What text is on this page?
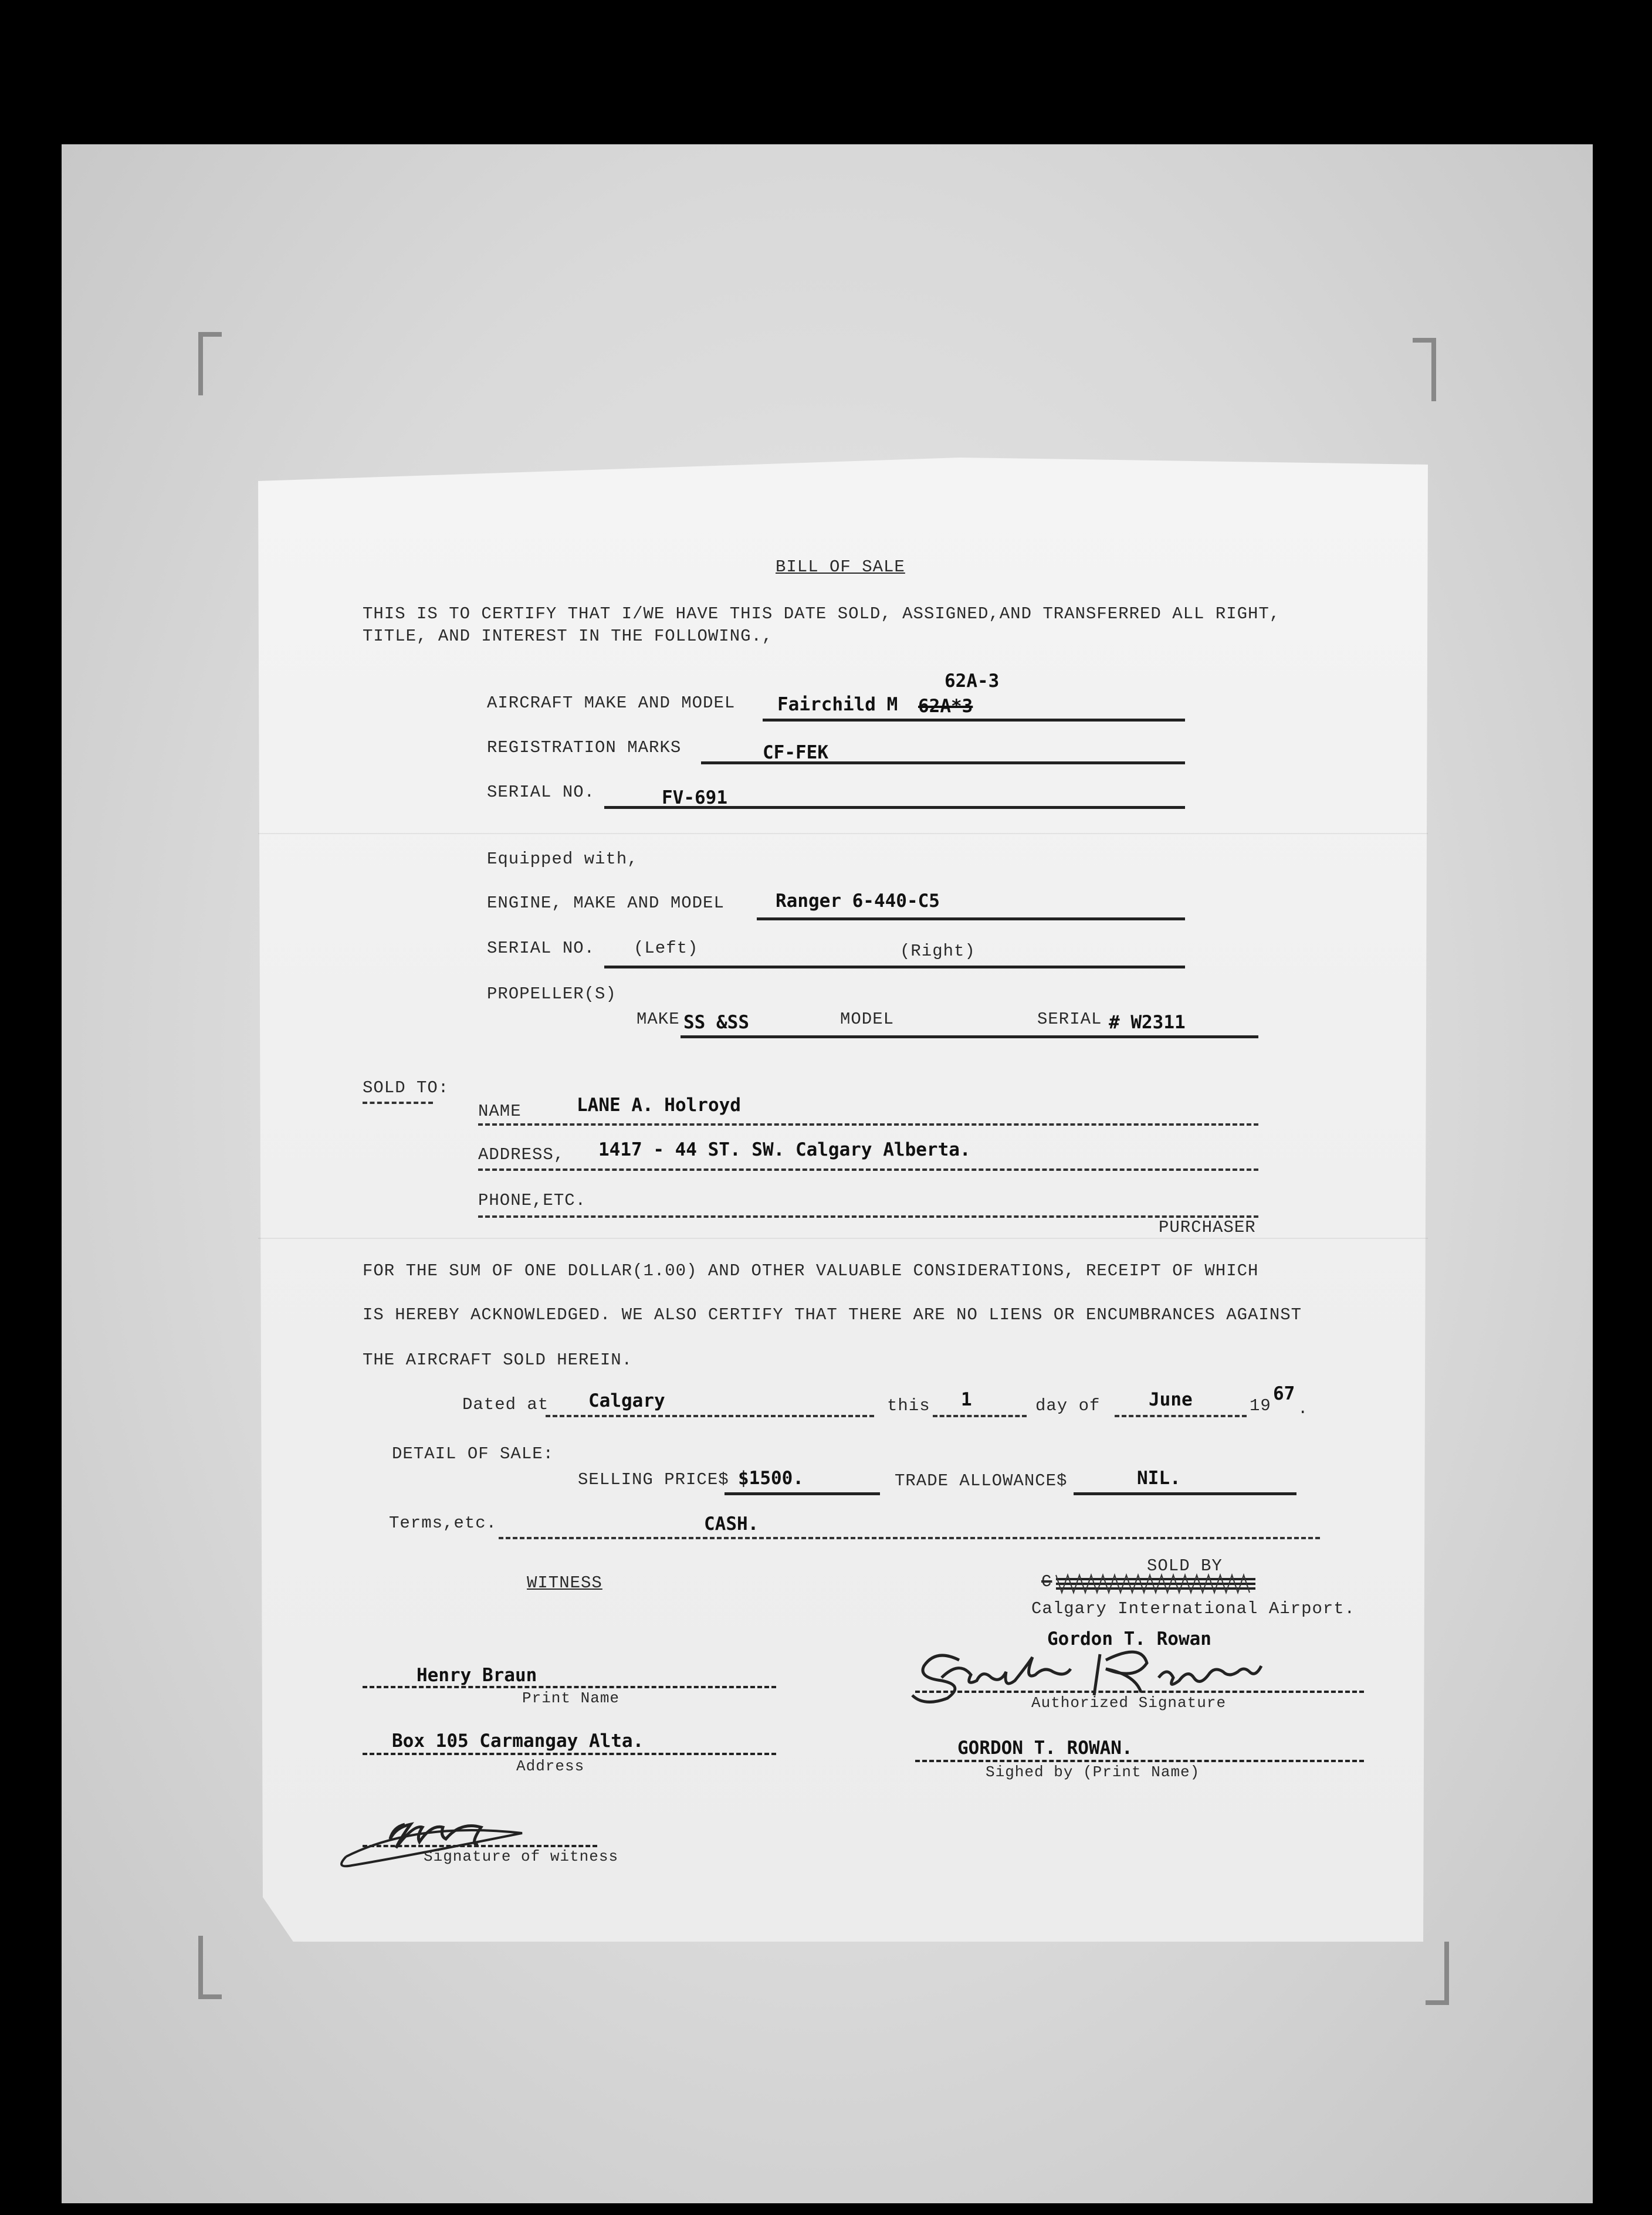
BILL OF SALE
THIS IS TO CERTIFY THAT I/WE HAVE THIS DATE SOLD, ASSIGNED,AND TRANSFERRED ALL RIGHT,
TITLE, AND INTEREST IN THE FOLLOWING.,
AIRCRAFT MAKE AND MODEL Fairchild M
62A-3
62A*3
REGISTRATION MARKS	CF-FEK
SERIAL NO.	FV-691
Equipped with,
ENGINE, MAKE AND MODEL	Ranger 6-440-C5
SERIAL NO. (Left)	(Right)
PROPELLER(S)
MAKE SS &SS	MODEL	SERIAL # W2311
SOLD TO:
NAME	LANE A. Holroyd
ADDRESS, 1417 - 44 ST. SW. Calgary Alberta.
PHONE,ETC.
PURCHASER
FOR THE SUM OF ONE DOLLAR(1.00) AND OTHER VALUABLE CONSIDERATIONS, RECEIPT OF WHICH
IS HEREBY ACKNOWLEDGED. WE ALSO CERTIFY THAT THERE ARE NO LIENS OR ENCUMBRANCES AGAINST
THE AIRCRAFT SOLD HEREIN.
Dated at Calgary	this 1	day of	June	19
67
.
DETAIL OF SALE:
SELLING PRICE$ $1500.	TRADE ALLOWANCE$	NIL.
Terms,etc.	CASH.
WITNESS
Henry Braun
Print Name
Box 105 Carmangay Alta.
Address
Signature of witness
SOLD BY
C
Calgary International Airport.
Gordon T. Rowan
Authorized Signature
GORDON T. ROWAN.
Sighed by (Print Name)
